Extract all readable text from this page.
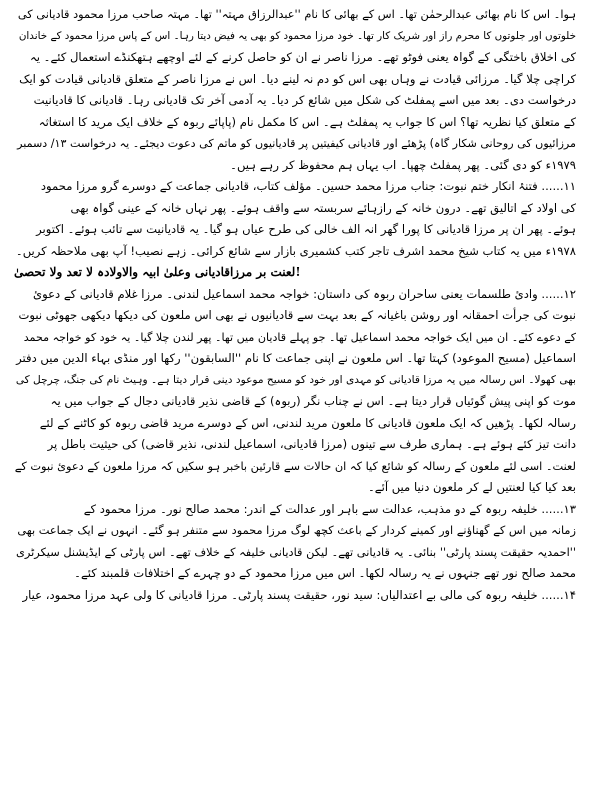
ہوا۔ اس کا نام بھائی عبدالرحمٰن تھا۔ اس کے بھائی کا نام ''عبدالرزاق مہتہ'' تھا۔ مہتہ صاحب مرزا محمود قادیانی کی
خلوتوں اور جلوتوں کا محرم راز اور شریک کار تھا۔ خود مرزا محمود کو بھی یہ فیض دیتا رہا۔ اس کے پاس مرزا محمود کے خاندان
کی اخلاق باختگی کے گواہ یعنی فوٹو تھے۔ مرزا ناصر نے ان کو حاصل کرنے کے لئے اوچھے ہتھکنڈے استعمال کئے۔ یہ
کراچی چلا گیا۔ مرزائی قیادت نے وہاں بھی اس کو دم نہ لینے دیا۔ اس نے مرزا ناصر کے متعلق قادیانی قیادت کو ایک
درخواست دی۔ بعد میں اسے پمفلٹ کی شکل میں شائع کر دیا۔ یہ آدمی آخر تک قادیانی رہا۔ قادیانی کا قادیانیت
کے متعلق کیا نظریہ تھا؟ اس کا جواب یہ پمفلٹ ہے۔ اس کا مکمل نام (پاپائے ربوہ کے خلاف ایک مرید کا استغاثہ
مرزائیوں کی روحانی شکار گاہ) پڑھئے اور قادیانی کیفیتیں پر قادیانیوں کو ماتم کی دعوت دیجئے۔ یہ درخواست ۱۳/ دسمبر
۱۹۷۹ء کو دی گئی۔ پھر پمفلٹ چھپا۔ اب یہاں ہم محفوظ کر رہے ہیں۔
۱۱...... فتنۂ انکار ختم نبوت: جناب مرزا محمد حسین۔ مؤلف کتاب، قادیانی جماعت کے دوسرے گرو مرزا محمود
کی اولاد کے اتالیق تھے۔ درون خانہ کے رازہائے سربستہ سے واقف ہوئے۔ پھر نہاں خانہ کے عینی گواہ بھی
ہوئے۔ پھر ان پر مرزا قادیانی کا پورا گھر انہ الف خالی کی طرح عیاں ہو گیا۔ یہ قادیانیت سے تائب ہوئے۔ اکتوبر
۱۹۷۸ء میں یہ کتاب شیخ محمد اشرف تاجر کتب کشمیری بازار سے شائع کرائی۔ زہے نصیب! آپ بھی ملاحظہ کریں۔
لعنت بر مرزاقادیانی وعلیٰ ابیہ والاولادہ لا تعد ولا تحصیٰ!
۱۲...... وادیٔ طلسمات یعنی ساحران ربوہ کی داستان: خواجہ محمد اسماعیل لندنی۔ مرزا غلام قادیانی کے دعویٔ
نبوت کی جرأت احمقانہ اور روشن باغیانہ کے بعد بہت سے قادیانیوں نے بھی اس ملعون کی دیکھا دیکھی جھوٹی نبوت
کے دعوے کئے۔ ان میں ایک خواجہ محمد اسماعیل تھا۔ جو پہلے قادیان میں تھا۔ پھر لندن چلا گیا۔ یہ خود کو خواجہ محمد
اسماعیل (مسیح الموعود) کہتا تھا۔ اس ملعون نے اپنی جماعت کا نام ''السابقون'' رکھا اور منڈی بہاء الدین میں دفتر
بھی کھولا۔ اس رسالہ میں یہ مرزا قادیانی کو مہدی اور خود کو مسیح موعود دینی قرار دیتا ہے۔ وہیٹ نام کی جنگ، چرچل کی
موت کو اپنی پیش گوئیاں قرار دیتا ہے۔ اس نے چناب نگر (ربوہ) کے قاضی نذیر قادیانی دجال کے جواب میں یہ
رسالہ لکھا۔ پڑھیں کہ ایک ملعون قادیانی کا ملعون مرید لندنی، اس کے دوسرے مرید قاضی ربوہ کو کاٹنے کے لئے
دانت تیز کئے ہوئے ہے۔ ہماری طرف سے تینوں (مرزا قادیانی، اسماعیل لندنی، نذیر قاضی) کی حیثیت باطل پر
لعنت۔ اسی لئے ملعون کے رسالہ کو شائع کیا کہ ان حالات سے قارئین باخبر ہو سکیں کہ مرزا ملعون کے دعویٔ نبوت کے
بعد کیا کیا لعنتیں لے کر ملعون دنیا میں آئے۔
۱۳...... خلیفہ ربوہ کے دو مذہب، عدالت سے باہر اور عدالت کے اندر: محمد صالح نور۔ مرزا محمود کے
زمانہ میں اس کے گھناؤنے اور کمینے کردار کے باعث کچھ لوگ مرزا محمود سے متنفر ہو گئے۔ انہوں نے ایک جماعت بھی
''احمدیہ حقیقت پسند پارٹی'' بنائی۔ یہ قادیانی تھے۔ لیکن قادیانی خلیفہ کے خلاف تھے۔ اس پارٹی کے ایڈیشنل سیکرٹری
محمد صالح نور تھے جنہوں نے یہ رسالہ لکھا۔ اس میں مرزا محمود کے دو چہرے کے اختلافات قلمبند کئے۔
۱۴...... خلیفہ ربوہ کی مالی بے اعتدالیاں: سید نور، حقیقت پسند پارٹی۔ مرزا قادیانی کا ولی عہد مرزا محمود، عیار
